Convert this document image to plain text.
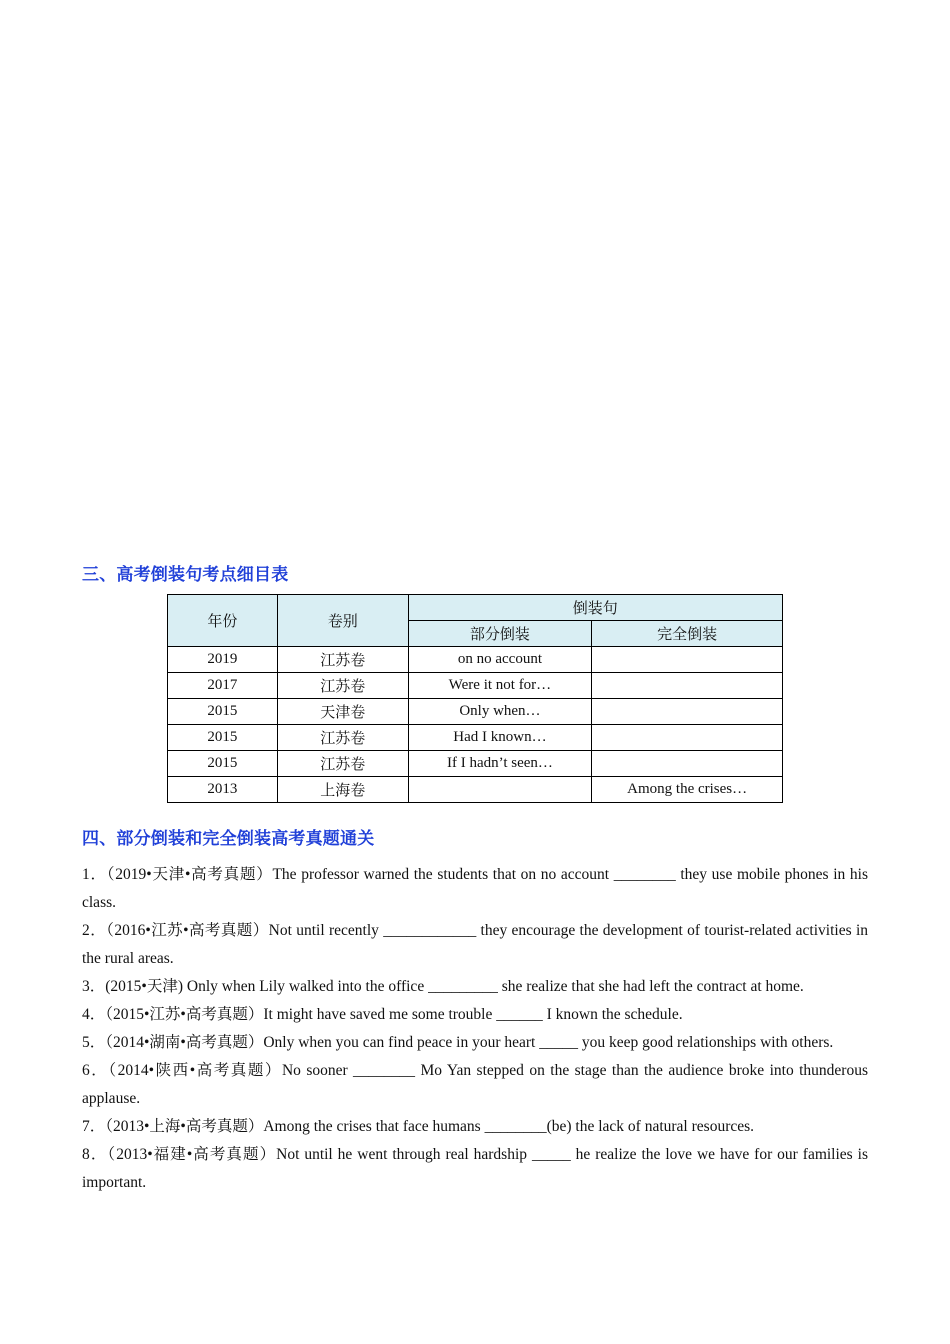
三、高考倒装句考点细目表
年份	卷别	倒装句	
		部分倒装	完全倒装
2019	江苏卷	on no account	
2017	江苏卷	Were it not for…	
2015	天津卷	Only when…	
2015	江苏卷	Had I known…	
2015	江苏卷	If I hadn’t seen…	
2013	上海卷		Among the crises…
四、部分倒装和完全倒装高考真题通关

1．（2019•天津•高考真题）The professor warned the students that on no account ________ they use mobile phones in his class.

2．（2016•江苏•高考真题）Not until recently ____________ they encourage the development of tourist-related activities in the rural areas.

3．(2015•天津) Only when Lily walked into the office _________ she realize that she had left the contract at home.

4．（2015•江苏•高考真题）It might have saved me some trouble ______ I known the schedule.

5．（2014•湖南•高考真题）Only when you can find peace in your heart _____ you keep good relationships with others.

6．（2014•陕西•高考真题）No sooner ________ Mo Yan stepped on the stage than the audience broke into thunderous applause.

7．（2013•上海•高考真题）Among the crises that face humans ________(be) the lack of natural resources.

8．（2013•福建•高考真题）Not until he went through real hardship _____ he realize the love we have for our families is important.
